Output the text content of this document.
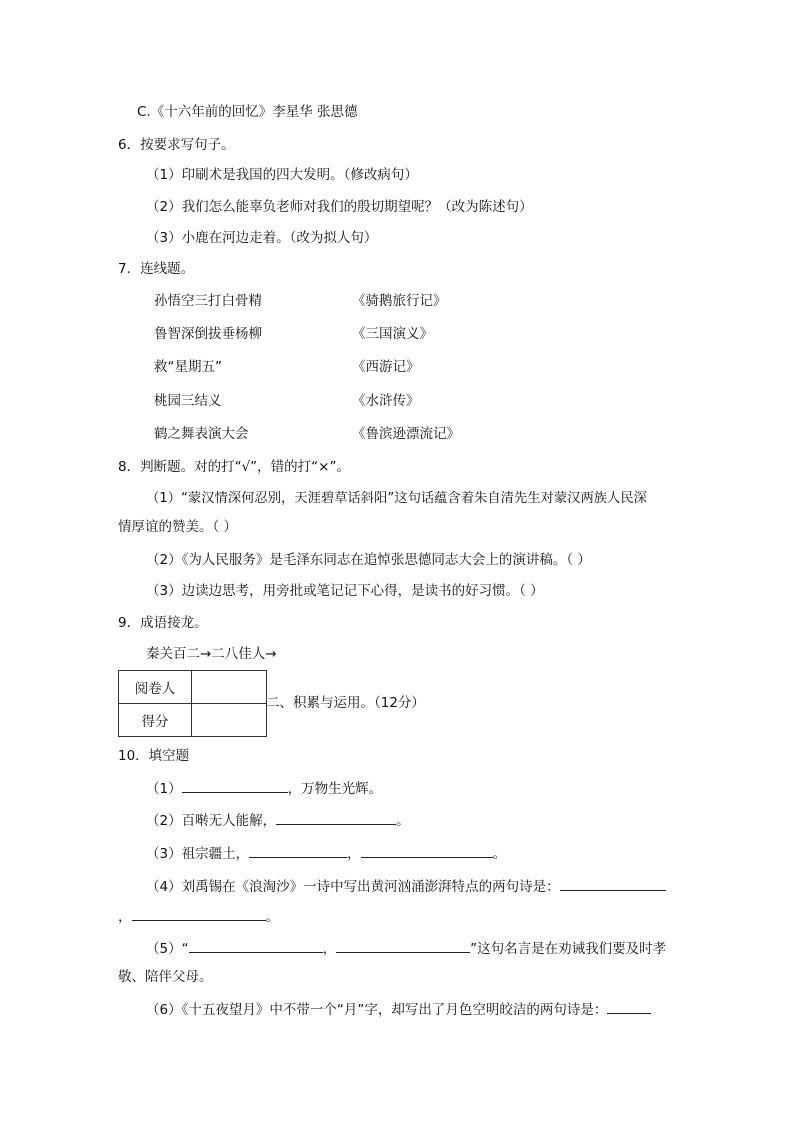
C.《十六年前的回忆》李星华 张思德
6．按要求写句子。
（1）印刷术是我国的四大发明。（修改病句）
（2）我们怎么能辜负老师对我们的殷切期望呢？（改为陈述句）
（3）小鹿在河边走着。（改为拟人句）
7．连线题。
孙悟空三打白骨精	《骑鹅旅行记》
鲁智深倒拔垂杨柳	《三国演义》
救“星期五”	《西游记》
桃园三结义	《水浒传》
鹤之舞表演大会	《鲁滨逊漂流记》
8．判断题。对的打“√”，错的打“×”。
（1）“蒙汉情深何忍别，天涯碧草话斜阳”这句话蕴含着朱自清先生对蒙汉两族人民深
情厚谊的赞美。（ ）
（2）《为人民服务》是毛泽东同志在追悼张思德同志大会上的演讲稿。（ ）
（3）边读边思考，用旁批或笔记记下心得，是读书的好习惯。（ ）
9．成语接龙。
秦关百二→二八佳人→
阅卷人	
得分	
二、积累与运用。（12分）
10．填空题
（1）	，万物生光辉。
（2）百啭无人能解，	。
（3）祖宗疆土，	，	。
（4）刘禹锡在《浪淘沙》一诗中写出黄河汹涌澎湃特点的两句诗是：
，	。
（5）“	，	”这句名言是在劝诫我们要及时孝
敬、陪伴父母。
（6）《十五夜望月》中不带一个“月”字，却写出了月色空明皎洁的两句诗是：
